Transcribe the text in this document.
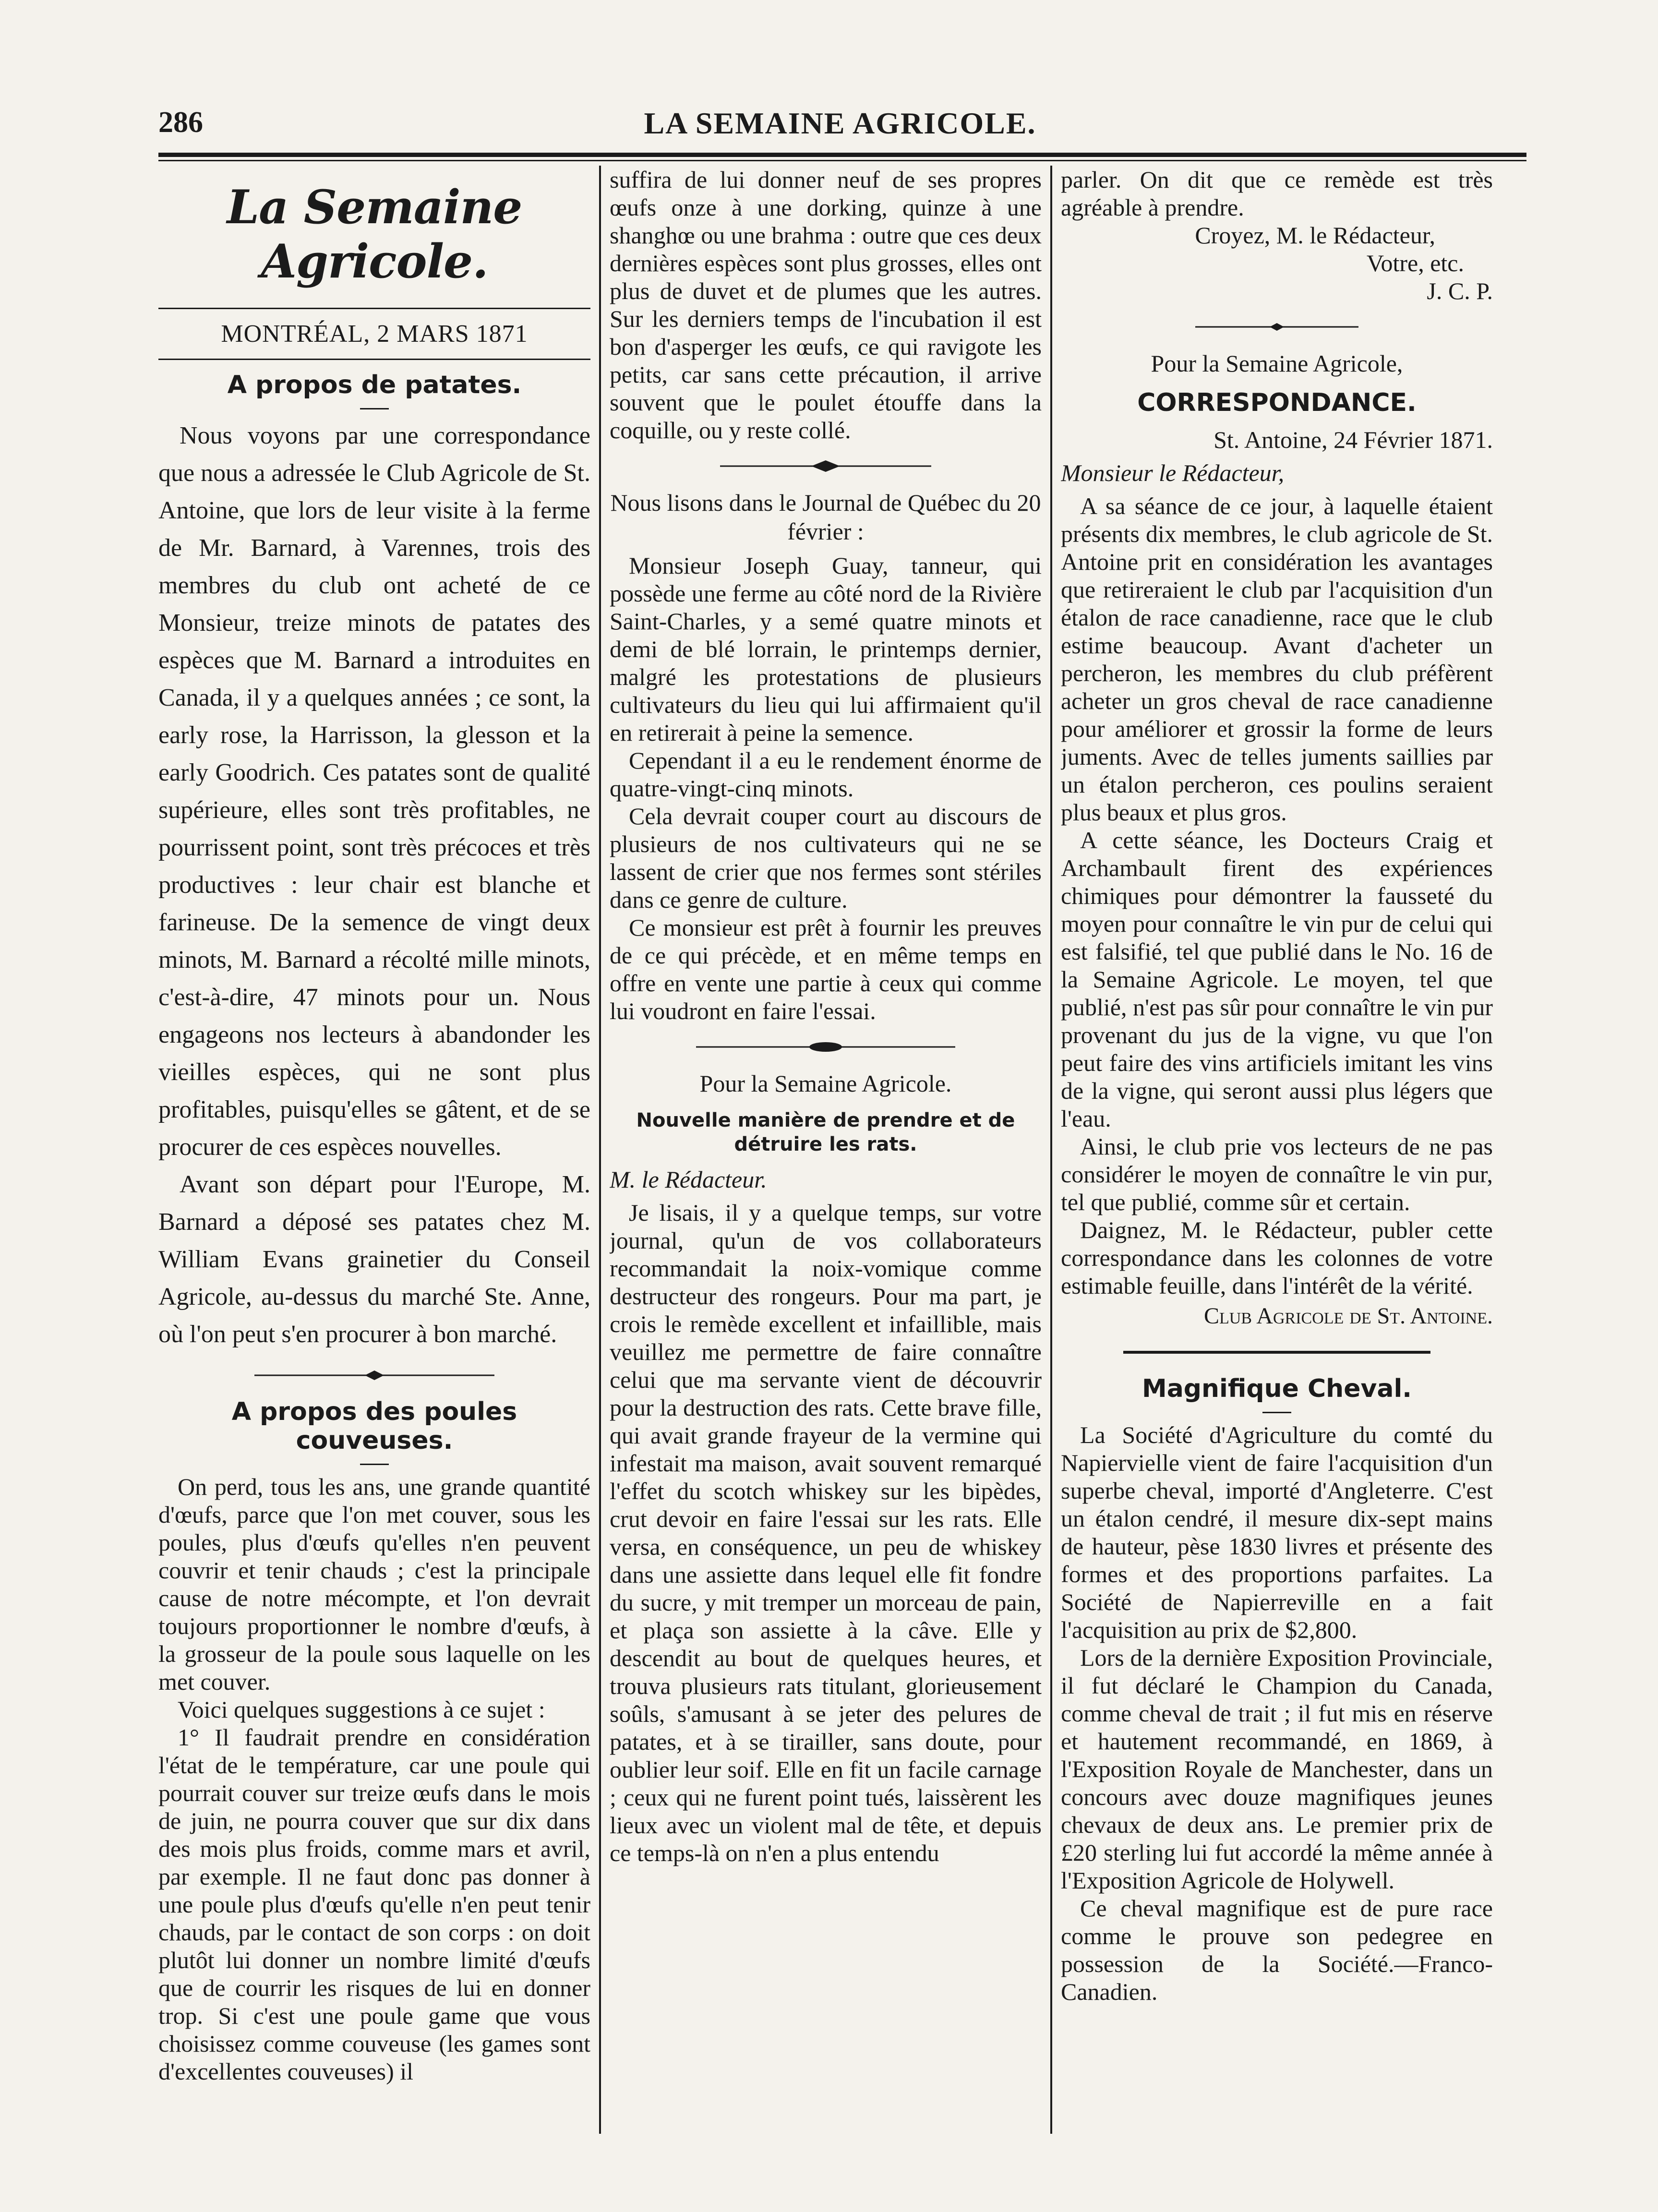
286	LA SEMAINE AGRICOLE.
La Semaine Agricole.
MONTRÉAL, 2 MARS 1871
A propos de patates.

Nous voyons par une correspondance que nous a adressée le Club Agricole de St. Antoine, que lors de leur visite à la ferme de Mr. Barnard, à Varennes, trois des membres du club ont acheté de ce Monsieur, treize minots de patates des espèces que M. Barnard a introduites en Canada, il y a quelques années ; ce sont, la early rose, la Harrisson, la glesson et la early Goodrich. Ces patates sont de qualité supérieure, elles sont très profitables, ne pourrissent point, sont très précoces et très productives : leur chair est blanche et farineuse. De la semence de vingt deux minots, M. Barnard a récolté mille minots, c'est-à-dire, 47 minots pour un. Nous engageons nos lecteurs à abandonder les vieilles espèces, qui ne sont plus profitables, puisqu'elles se gâtent, et de se procurer de ces espèces nouvelles.

Avant son départ pour l'Europe, M. Barnard a déposé ses patates chez M. William Evans grainetier du Conseil Agricole, au-dessus du marché Ste. Anne, où l'on peut s'en procurer à bon marché.

A propos des poules couveuses.

On perd, tous les ans, une grande quantité d'œufs, parce que l'on met couver, sous les poules, plus d'œufs qu'elles n'en peuvent couvrir et tenir chauds ; c'est la principale cause de notre mécompte, et l'on devrait toujours proportionner le nombre d'œufs, à la grosseur de la poule sous laquelle on les met couver.

Voici quelques suggestions à ce sujet :

1° Il faudrait prendre en considération l'état de le température, car une poule qui pourrait couver sur treize œufs dans le mois de juin, ne pourra couver que sur dix dans des mois plus froids, comme mars et avril, par exemple. Il ne faut donc pas donner à une poule plus d'œufs qu'elle n'en peut tenir chauds, par le contact de son corps : on doit plutôt lui donner un nombre limité d'œufs que de courrir les risques de lui en donner trop. Si c'est une poule game que vous choisissez comme couveuse (les games sont d'excellentes couveuses) il

suffira de lui donner neuf de ses propres œufs onze à une dorking, quinze à une shanghœ ou une brahma : outre que ces deux dernières espèces sont plus grosses, elles ont plus de duvet et de plumes que les autres. Sur les derniers temps de l'incubation il est bon d'asperger les œufs, ce qui ravigote les petits, car sans cette précaution, il arrive souvent que le poulet étouffe dans la coquille, ou y reste collé.

Nous lisons dans le Journal de Québec du 20 février :

Monsieur Joseph Guay, tanneur, qui possède une ferme au côté nord de la Rivière Saint-Charles, y a semé quatre minots et demi de blé lorrain, le printemps dernier, malgré les protestations de plusieurs cultivateurs du lieu qui lui affirmaient qu'il en retirerait à peine la semence.

Cependant il a eu le rendement énorme de quatre-vingt-cinq minots.

Cela devrait couper court au discours de plusieurs de nos cultivateurs qui ne se lassent de crier que nos fermes sont stériles dans ce genre de culture.

Ce monsieur est prêt à fournir les preuves de ce qui précède, et en même temps en offre en vente une partie à ceux qui comme lui voudront en faire l'essai.

Pour la Semaine Agricole.
Nouvelle manière de prendre et de détruire les rats.
M. le Rédacteur.

Je lisais, il y a quelque temps, sur votre journal, qu'un de vos collaborateurs recommandait la noix-vomique comme destructeur des rongeurs. Pour ma part, je crois le remède excellent et infaillible, mais veuillez me permettre de faire connaître celui que ma servante vient de découvrir pour la destruction des rats. Cette brave fille, qui avait grande frayeur de la vermine qui infestait ma maison, avait souvent remarqué l'effet du scotch whiskey sur les bipèdes, crut devoir en faire l'essai sur les rats. Elle versa, en conséquence, un peu de whiskey dans une assiette dans lequel elle fit fondre du sucre, y mit tremper un morceau de pain, et plaça son assiette à la câve. Elle y descendit au bout de quelques heures, et trouva plusieurs rats titulant, glorieusement soûls, s'amusant à se jeter des pelures de patates, et à se tirailler, sans doute, pour oublier leur soif. Elle en fit un facile carnage ; ceux qui ne furent point tués, laissèrent les lieux avec un violent mal de tête, et depuis ce temps-là on n'en a plus entendu

parler. On dit que ce remède est très agréable à prendre.

Croyez, M. le Rédacteur,
Votre, etc.
J. C. P.
Pour la Semaine Agricole,
CORRESPONDANCE.
St. Antoine, 24 Février 1871.
Monsieur le Rédacteur,

A sa séance de ce jour, à laquelle étaient présents dix membres, le club agricole de St. Antoine prit en considération les avantages que retireraient le club par l'acquisition d'un étalon de race canadienne, race que le club estime beaucoup. Avant d'acheter un percheron, les membres du club préfèrent acheter un gros cheval de race canadienne pour améliorer et grossir la forme de leurs juments. Avec de telles juments saillies par un étalon percheron, ces poulins seraient plus beaux et plus gros.

A cette séance, les Docteurs Craig et Archambault firent des expériences chimiques pour démontrer la fausseté du moyen pour connaître le vin pur de celui qui est falsifié, tel que publié dans le No. 16 de la Semaine Agricole. Le moyen, tel que publié, n'est pas sûr pour connaître le vin pur provenant du jus de la vigne, vu que l'on peut faire des vins artificiels imitant les vins de la vigne, qui seront aussi plus légers que l'eau.

Ainsi, le club prie vos lecteurs de ne pas considérer le moyen de connaître le vin pur, tel que publié, comme sûr et certain.

Daignez, M. le Rédacteur, publer cette correspondance dans les colonnes de votre estimable feuille, dans l'intérêt de la vérité.

Club Agricole de St. Antoine.
Magnifique Cheval.

La Société d'Agriculture du comté du Napiervielle vient de faire l'acquisition d'un superbe cheval, importé d'Angleterre. C'est un étalon cendré, il mesure dix-sept mains de hauteur, pèse 1830 livres et présente des formes et des proportions parfaites. La Société de Napierreville en a fait l'acquisition au prix de $2,800.

Lors de la dernière Exposition Provinciale, il fut déclaré le Champion du Canada, comme cheval de trait ; il fut mis en réserve et hautement recommandé, en 1869, à l'Exposition Royale de Manchester, dans un concours avec douze magnifiques jeunes chevaux de deux ans. Le premier prix de £20 sterling lui fut accordé la même année à l'Exposition Agricole de Holywell.

Ce cheval magnifique est de pure race comme le prouve son pedegree en possession de la Société.—Franco-Canadien.
